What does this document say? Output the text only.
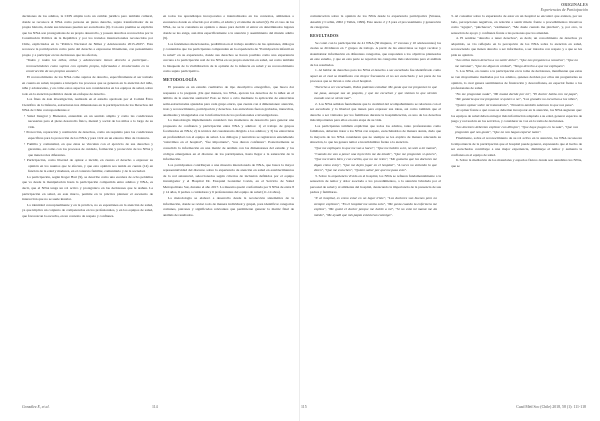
ORIGINALES
Experiencias de Participación

decisiones de los adultos, la CDN amplía todo un cambio jurídico pero también cultural, donde se reconoce al NNA como persona en pleno derecho, sujeto transformador de su propia historia, donde sus intereses puedan ser escuchados (9). Con esta premisa se explicita que los NNA son protagonistas de su propio desarrollo, y poseen derechos reconocidos por la Constitución Política de la República y por los tratados internacionales reconocidos por Chile, explicitados en la "Política Nacional de Niñez y Adolescencia 2015-2025". Esta reconoce la participación como parte del derecho a expresarse libremente, con pensamiento propio y a participar en las decisiones que les afectan,

"Todos y todos los niños, niñas y adolescentes tienen derecho a participar... reconociéndoles como sujetos con opinión propia, informados e involucrados en la construcción de sus propios asuntos".

El reconocimiento de los NNA como sujetos de derecho, específicamente el ser tomado en cuenta en salud, inquieta e interpela los procesos que se generan en la atención del niño, niña y adolescente, y en cómo estos aspectos son considerados en los equipos de salud, sobre todo en la atención pediátrica desde un enfoque de derecho.

Los fines de éste investigación, realizada en el estudio aprobado por el Comité Ético Científico de la Infancia, estructuran tres dimensiones en la participación de los Derechos del NNA de Chile correspondientes a:

• Salud Integral y Bienestar, entendido en un sentido amplio y como las condiciones necesarias para el pleno desarrollo físico, mental y social de los niños a lo largo de su vida.

• Protección, reparación y restitución de derechos, como un requisito para las condiciones específicas para la protección de los NNA y para vivir en un entorno libre de violencia.

• Familia y comunidad, en que éstas se vinculan con el ejercicio de sus derechos y garantías, así como con los procesos de cuidado, formación y protección de los NNA y que tienen roles diferentes.

• Participación, como libertad de opinar e incidir, en cuanto el derecho a expresar su opinión en los asuntos que le afecten, y que esta opinión sea tenida en cuenta (14) en función de la edad y madurez, en el contexto familiar, comunitario y de la sociedad.

La participación, según Roger Hart (9), se describe como una escalera de ocho peldaños que va desde la manipulación hasta la participación compartida entre adultos y NNA, es decir, que el NNA tenga un rol activo y protagónico en las decisiones que le atañen. La participación en salud, en este marco, permite en la práctica plantear el escenario de interacción que no se suele instalar.

La identidad conceptualmente y en la práctica, no es espontánea en la atención de salud, ya que implica un conjunto de competencias en los profesionales, y en los equipos de salud, que favorezcan la escucha, en un contexto de respeto y confianza.

en todos los aprendizajes incorporados e internalizados en los contextos, ambientes o escenarios donde es ofrecido por el niño, el adulto y el sistema de salud (9). En el caso de los NNA, no se le considera su opinión o deseo para decidir al entrar en determinados lugares donde se les exige, aun más específicamente a la atención y asentimiento del mundo adulto (9).

Los fenómenos mencionados, posibilitan en el trabajo analítico de las opiniones, diálogos y contenidos que los participantes comprenden en la experiencia de "Participación infantil en la salud" en su experiencia, donde sus derechos se hacen posibles como una experiencia cercana a la participación real de los NNA en su propia atención en salud, así como también la búsqueda de la visibilización de la opinión de la infancia en salud y su reconocimiento como sujeto participativo.

METODOLOGÍA

El presente es un estudio cualitativo de tipo descriptivo etnográfico, que busca dar respuesta a la pregunta ¿De qué manera, los NNA, ejercen los derechos de la niñez en el ámbito de la atención sanitaria? Esto se llevó a cabo mediante la aplicación de entrevistas semi-estructuradas ajustadas para cada grupo etario, que cuenta con 4 dimensiones: atención, trato y reconocimiento, participación y derechos. Las entrevistas fueron grabadas, transcritas, analizadas y trianguladas con la información de los profesionales e investigadores.

La metodología implementada consideró tres momentos de desarrollo para generar una propuesta de confianza y participación entre NNA y adultos: 1) el trabajo de grupos focalizados en NNA; 2) la técnica del cuestionario dirigido a los adultos; y 3) las entrevistas en profundidad con el equipo de salud. Los diálogos y narrativas se registraron entendiendo "estuvimos en el hospital", "fue importante", "nos dieron confianza". Posteriormente se consolidó la información en una matriz de análisis con las dimensiones del estudio y los códigos emergentes en el discurso de los participantes, hasta llegar a la saturación de la información.

Los participantes contribuyen a una muestra intencionada de NNA, que busca la mayor representatividad del discurso sobre la experiencia de atención en salud en establecimientos de la red asistencial, seleccionados según criterios de inclusión definidos por el equipo investigador y el Hospital Dr. Exequiel González Cortés, en el Servicio de Salud Metropolitano Sur, durante el año 2017. La muestra quedó conformada por 9 NNA de entre 8 y 14 años, 6 padres o cuidadores y 6 profesionales del equipo de salud (11-14 años).

La metodología se elaboró a desarrollo desde la recolección sistemática de la información, donde se revisó todo de manera individual y grupal, para identificar categorías comunes, patrones y significados relevantes que permitieran generar la matriz final de análisis de resultados.

comunicación sobre la opinión de los NNA desde la experiencia participativa (Strauss, Anselm y Corbin, 2002 y Vallés, 1999). Este anexo 2 y 3 para el procesamiento y generación de categorías.

RESULTADOS

Se contó con la participación de 41 NNA (30 mujeres, 17 varones y 10 adolescentes) los cuales se dividieron en 7 grupos de trabajo. A partir de las entrevistas se logró recabar y sistematizar información en diferentes categorías, que responden a los objetivos planteados en este estudio, y que en esta parte se reportan las categorías más relevantes para el análisis de los resultados.

1. Al hablar de derechos para los NNA el derecho a ser escuchado fue identificado como aquel en el cual se manifiesta con mayor frecuencia el no ser escuchado y ser parte de los procesos que se llevan a cabo en el hospital.

"Derecho a ser escuchado, Todos podemos estudiar. Me gusta que me pregunten lo que me pasa, aunque sea un poquito, y que me escuchen y que sientan lo que sienten cuando uno se siente mal".

2. Los NNA señalan fuertemente que la cualidad del acompañamiento se relaciona con el ser escuchado y la libertad que tienen para expresar sus ideas, así como también que el derecho a ser visitados por los familiares durante la hospitalización, es uno de los derechos más importantes para ellos en esta etapa de su vida.

Los participantes también explicitan que todos los adultos, tanto profesionales como familiares, deberían tratar a los NNA con respeto, escuchándolos de manera atenta, dado que la mayoría de los NNA consideran que no siempre se les explica de manera adecuada su situación, lo que les genera temor e incertidumbre frente a la atención.

"Que me expliquen lo que me van a hacer", "Que me hablen a mí, no solo a mi mamá", "Cuando me van a poner una inyección me da miedo", "Que me pregunten si quiero", "Que me traten bien y con cariño, que no me reten", "Me gustaría que los doctores me digan cómo estoy", "Que me dejen jugar en el hospital", "A veces no entiendo lo que dicen", "Que me escuchen", "Quiero saber por qué me pasa esto".

3. Sobre la experiencia vivida en el hospital, los NNA se refieren fundamentalmente a la sensación de temor y dolor asociada a los procedimientos, a la atención brindada por el personal de salud y al ambiente del hospital, destacando la importancia de la presencia de sus padres y familiares.

"Ir al hospital, es como estar en un lugar triste", "Los doctores son buenos pero no siempre explican", "En el hospital me sentía solo", "Me gusta cuando la enfermera me explica", "Me gustó el doctor porque me habló a mí", "Si no está mi mamá me da miedo", "Me ayudó que mis papás estuvieran conmigo".

3. Al consultar sobre la experiencia de estar en un hospital se encontró que existen, por un lado, percepciones negativas, en relación a sentir miedo frente a procedimientos invasivos como "agujas", "pinchazos", "exámenes", "Me duele cuando me pinchan", y, por otro, la sensación de apoyo y confianza frente a las personas que los atienden.

4. El sentirse "derecho a tener derechos", es decir, un conocimiento de derechos ya adquirido, se vio reflejado en la percepción de los NNA sobre la atención en salud, reconociendo que tienen derecho a ser informados, a ser tratados con respeto y a que se les pida su opinión.

"Los niños tienen derecho a no sentir dolor", "Que nos pregunten a nosotros", "Que no me mientan", "Que me digan la verdad", "Tengo derecho a que me expliquen".

5. Los NNA, en cuanto a la participación en la toma de decisiones, manifiestan que estas se ven mayormente mediadas por los adultos, quienes deciden por ellos sin preguntarles su opinión, lo cual genera sentimientos de frustración y desconfianza, en especial frente a los profesionales de salud.

"No me preguntan nada", "Mi mamá decide por mí", "El doctor habla con mi papá", "Me gustaría que me pregunten si quiero o no", "Los grandes no escuchan a los niños", "Quiero opinar sobre mi tratamiento", "Nosotros también sabemos lo que nos pasa".

Al opinar frente a qué cosas se deberían incorporar en la atención, los NNA sugieren que: los equipos de salud deben entregar más información adaptada a su edad, generar espacios de juego y recreación en los servicios, y considerar su voz en la toma de decisiones.

"Los doctores deberían explicar con dibujos", "Que haya juegos en la sala", "Que nos pregunten qué nos gusta", "Que no nos hagan esperar tanto".

Finalmente, sobre el reconocimiento de su rol activo en la atención, los NNA reconocen la importancia de la participación que el hospital puede generar, expresando que el hecho de ser escuchados contribuye a una mejor experiencia, disminuye el temor y aumenta la confianza en el equipo de salud.

6. Sobre la mediación de los materiales y espacios físicos donde son atendidos los NNA, que se

González E, et al.	114	115	Cuad Méd Soc (Chile) 2018, 58 (1): 111-118
